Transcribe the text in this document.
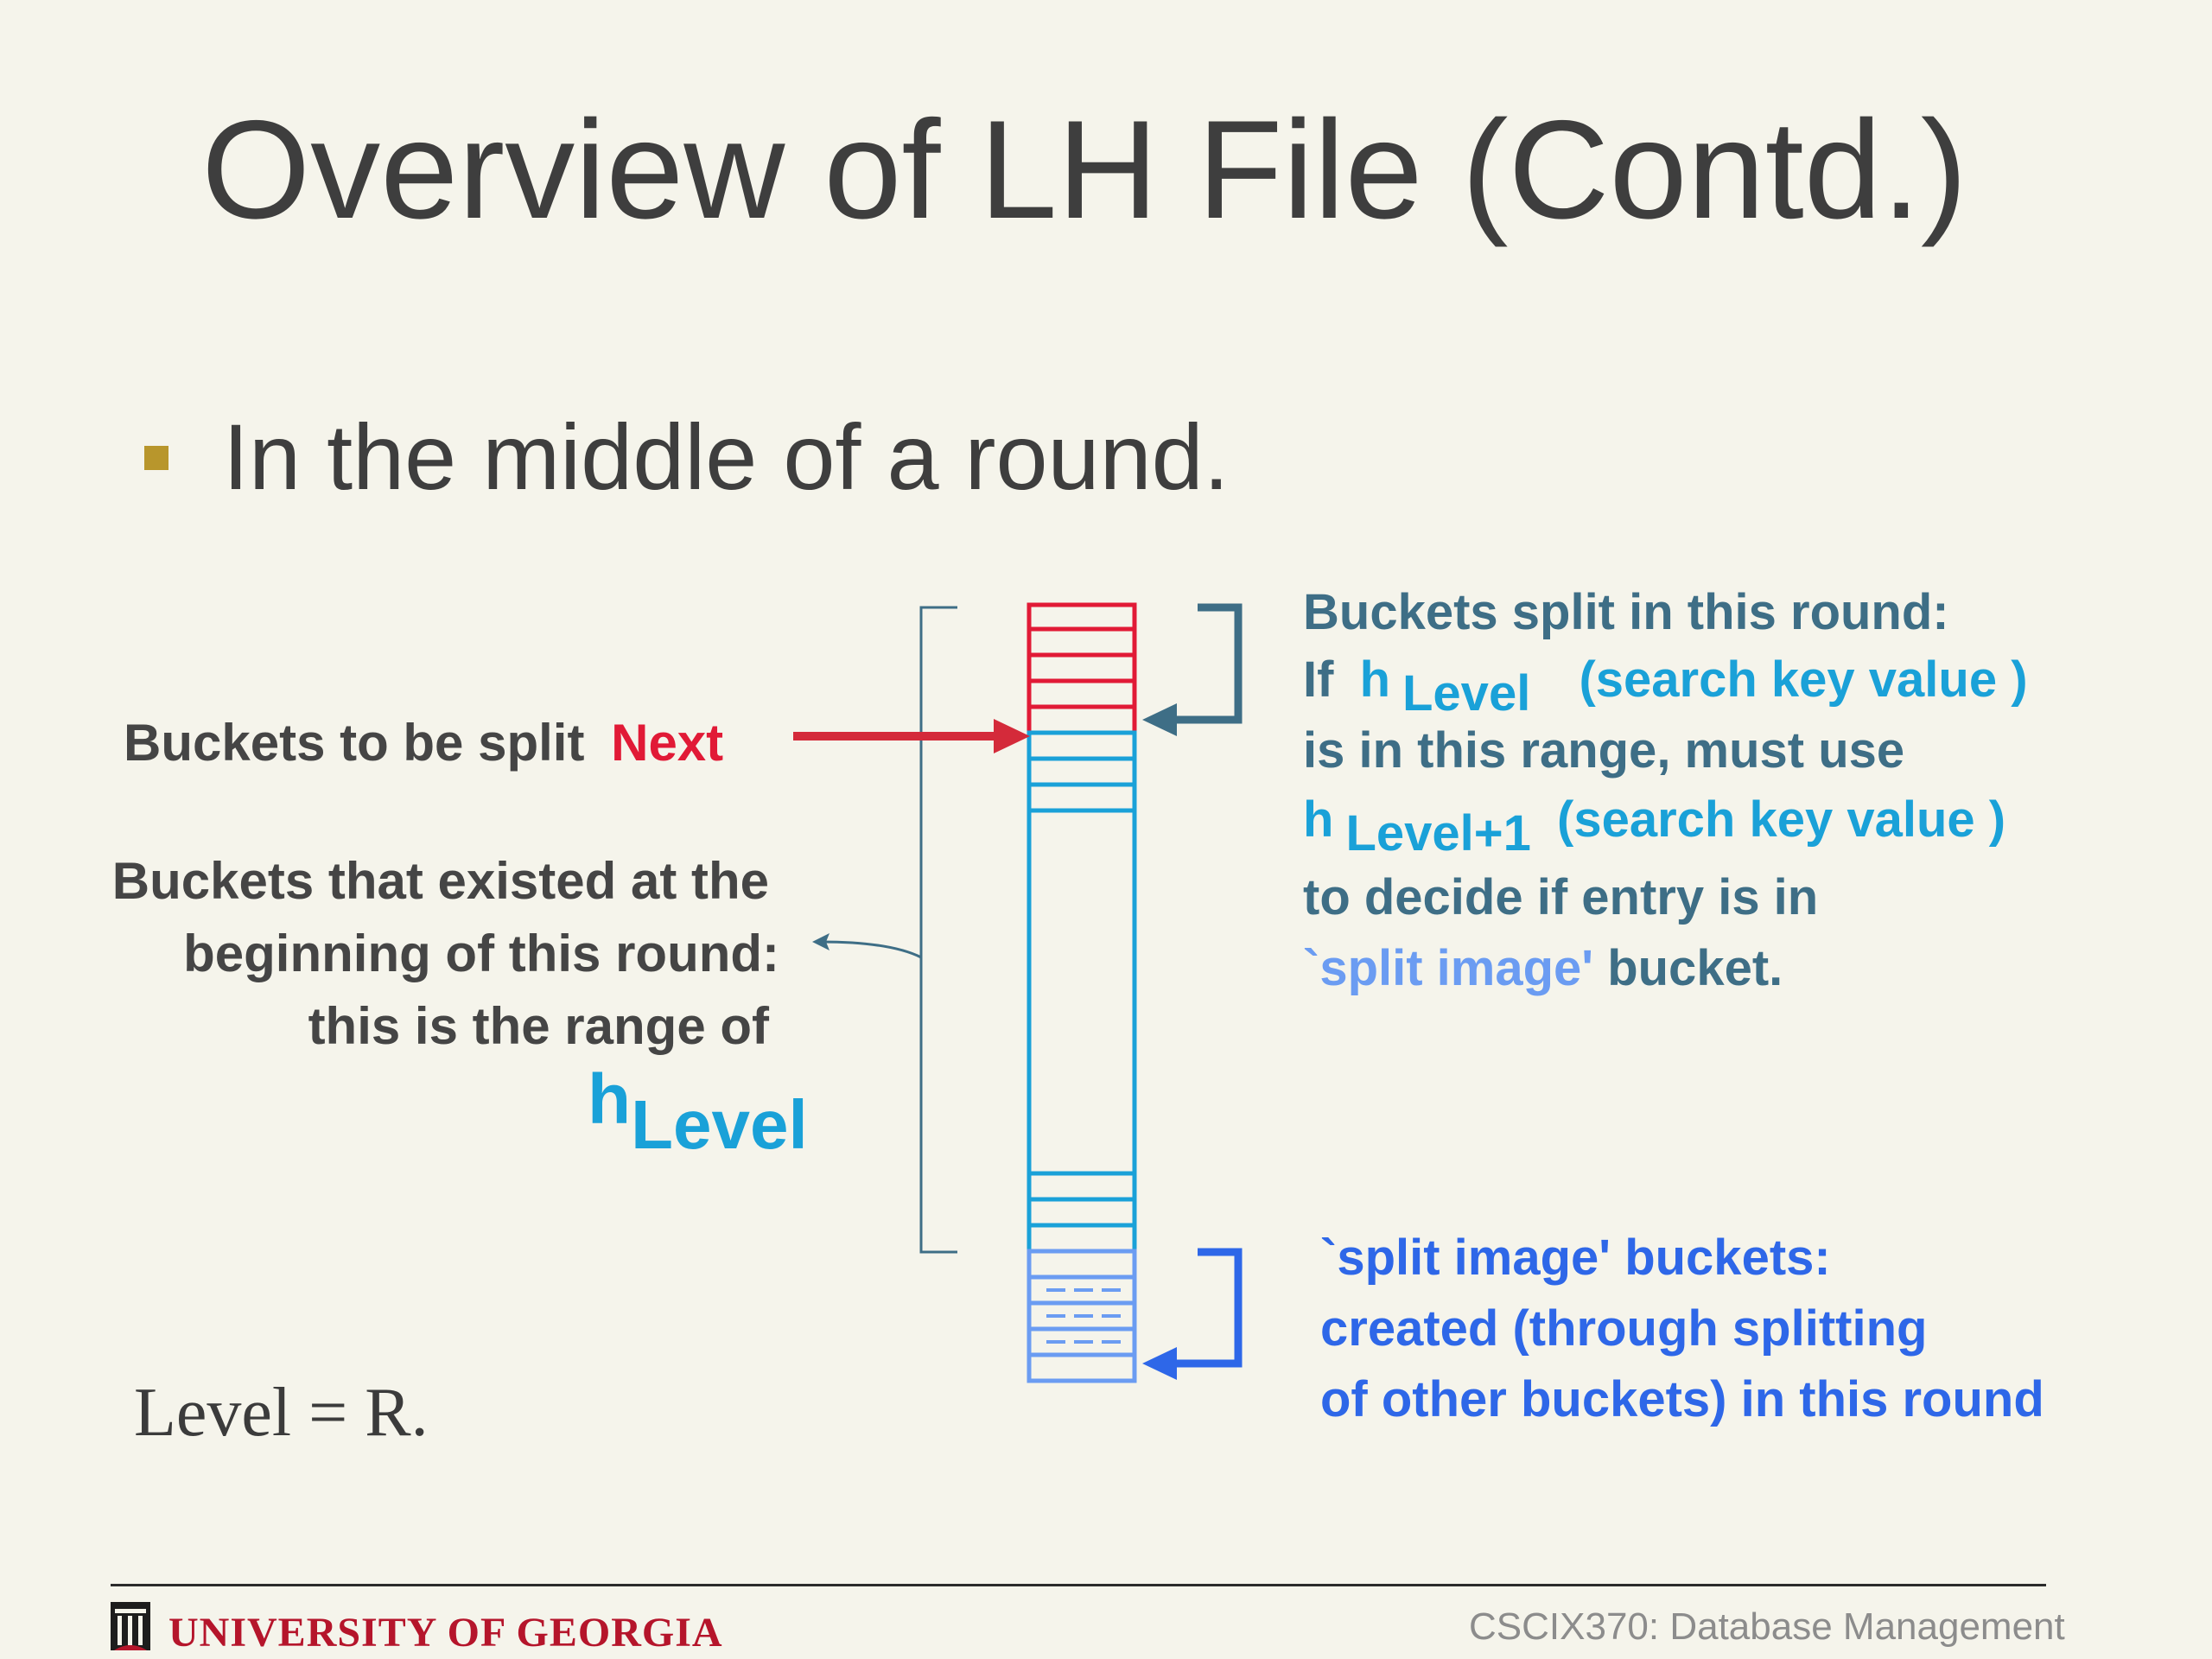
Overview of LH File (Contd.)
In the middle of a round.
Buckets to be split Next
Buckets that existed at the
beginning of this round:
this is the range of
hLevel
Buckets split in this round:
If h Level (search key value )
is in this range, must use
h Level+1 (search key value )
to decide if entry is in
`split image' bucket.
`split image' buckets:
created (through splitting
of other buckets) in this round
Level = R.
UNIVERSITY OF GEORGIA	CSCIX370: Database Management
